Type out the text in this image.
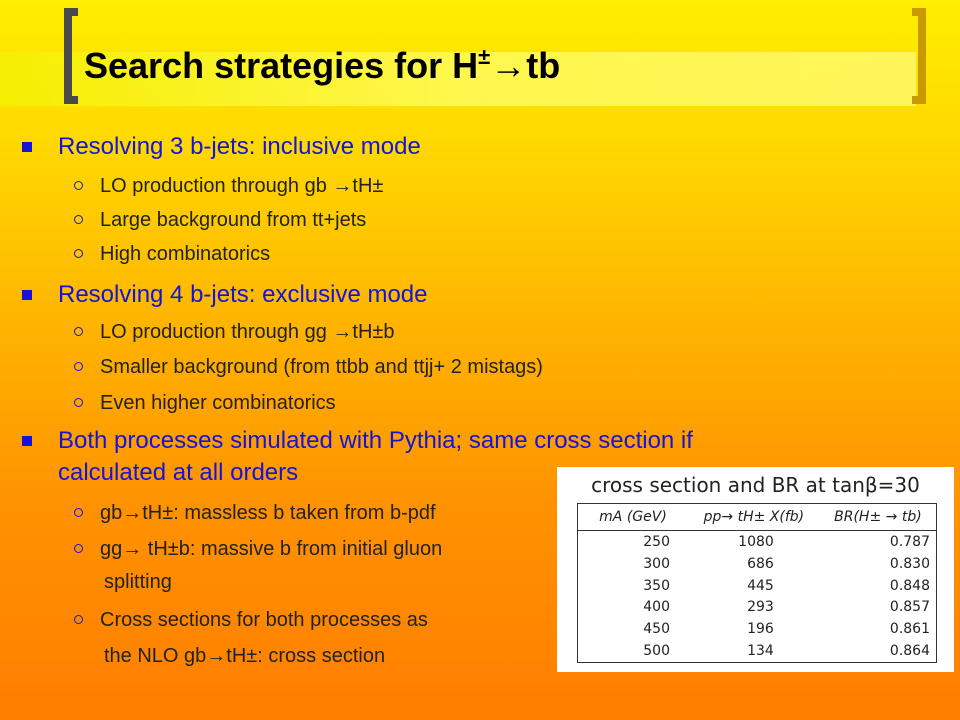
Search strategies for H±→tb
Resolving 3 b-jets: inclusive mode
LO production through gb →tH±
Large background from tt+jets
High combinatorics
Resolving 4 b-jets: exclusive mode
LO production through gg →tH±b
Smaller background (from ttbb and ttjj+ 2 mistags)
Even higher combinatorics
Both processes simulated with Pythia; same cross section if
calculated at all orders
gb→tH±: massless b taken from b-pdf
gg→ tH±b: massive b from initial gluon
splitting
Cross sections for both processes as
the NLO gb→tH±: cross section
cross section and BR at tanβ=30
mA (GeV)	pp→ tH± X(fb)	BR(H± → tb)
250	1080	0.787
300	686	0.830
350	445	0.848
400	293	0.857
450	196	0.861
500	134	0.864
